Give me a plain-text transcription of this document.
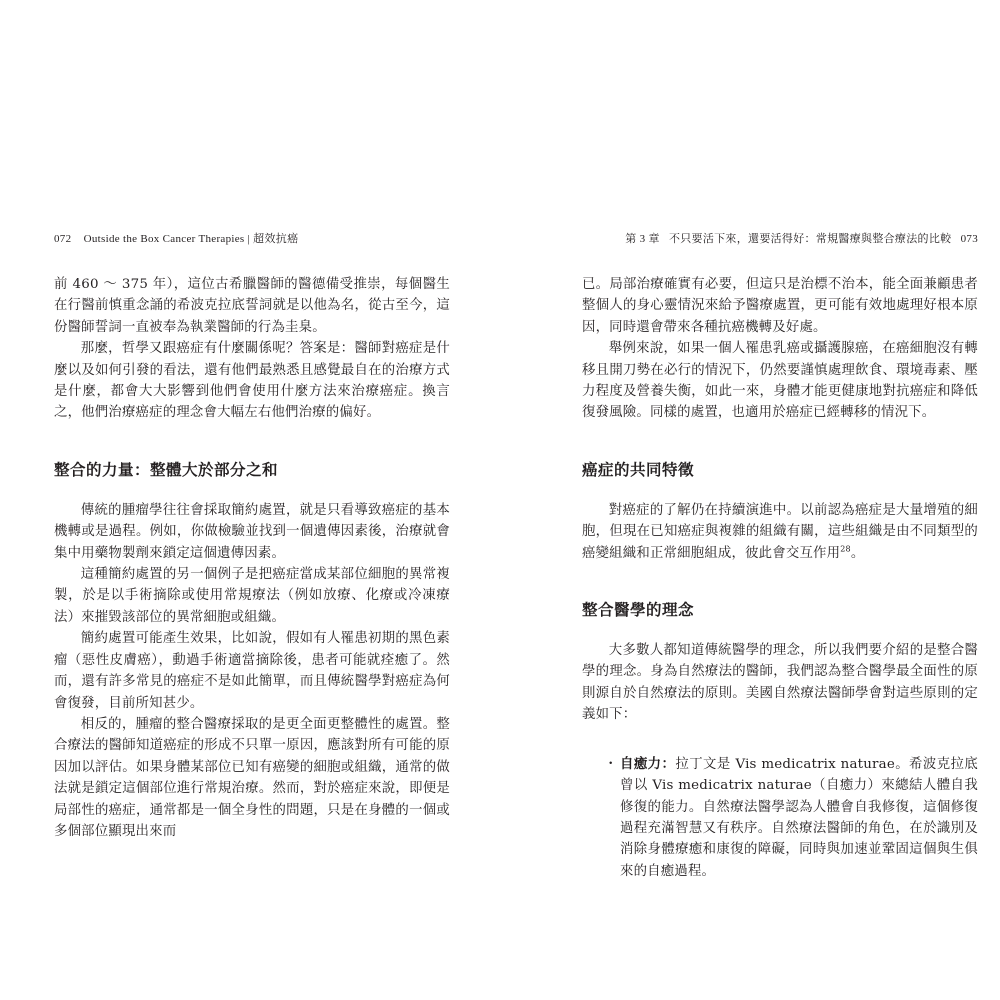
072 Outside the Box Cancer Therapies | 超效抗癌

前 460 ～ 375 年），這位古希臘醫師的醫德備受推崇，每個醫生在行醫前慎重念誦的希波克拉底誓詞就是以他為名，從古至今，這份醫師誓詞一直被奉為執業醫師的行為圭臬。

那麼，哲學又跟癌症有什麼關係呢？答案是：醫師對癌症是什麼以及如何引發的看法，還有他們最熟悉且感覺最自在的治療方式是什麼，都會大大影響到他們會使用什麼方法來治療癌症。換言之，他們治療癌症的理念會大幅左右他們治療的偏好。

整合的力量：整體大於部分之和

傳統的腫瘤學往往會採取簡約處置，就是只看導致癌症的基本機轉或是過程。例如，你做檢驗並找到一個遺傳因素後，治療就會集中用藥物製劑來鎖定這個遺傳因素。

這種簡約處置的另一個例子是把癌症當成某部位細胞的異常複製，於是以手術摘除或使用常規療法（例如放療、化療或冷凍療法）來摧毀該部位的異常細胞或組織。

簡約處置可能產生效果，比如說，假如有人罹患初期的黑色素瘤（惡性皮膚癌），動過手術適當摘除後，患者可能就痊癒了。然而，還有許多常見的癌症不是如此簡單，而且傳統醫學對癌症為何會復發，目前所知甚少。

相反的，腫瘤的整合醫療採取的是更全面更整體性的處置。整合療法的醫師知道癌症的形成不只單一原因，應該對所有可能的原因加以評估。如果身體某部位已知有癌變的細胞或組織，通常的做法就是鎖定這個部位進行常規治療。然而，對於癌症來說，即便是局部性的癌症，通常都是一個全身性的問題，只是在身體的一個或多個部位顯現出來而

第 3 章 不只要活下來，還要活得好：常規醫療與整合療法的比較 073

已。局部治療確實有必要，但這只是治標不治本，能全面兼顧患者整個人的身心靈情況來給予醫療處置，更可能有效地處理好根本原因，同時還會帶來各種抗癌機轉及好處。

舉例來說，如果一個人罹患乳癌或攝護腺癌，在癌細胞沒有轉移且開刀勢在必行的情況下，仍然要謹慎處理飲食、環境毒素、壓力程度及營養失衡，如此一來，身體才能更健康地對抗癌症和降低復發風險。同樣的處置，也適用於癌症已經轉移的情況下。

癌症的共同特徵

對癌症的了解仍在持續演進中。以前認為癌症是大量增殖的細胞，但現在已知癌症與複雜的組織有關，這些組織是由不同類型的癌變組織和正常細胞組成，彼此會交互作用$^{28}$。

整合醫學的理念

大多數人都知道傳統醫學的理念，所以我們要介紹的是整合醫學的理念。身為自然療法的醫師，我們認為整合醫學最全面性的原則源自於自然療法的原則。美國自然療法醫師學會對這些原則的定義如下：

・ 自癒力：拉丁文是 Vis medicatrix naturae。希波克拉底曾以 Vis medicatrix naturae（自癒力）來總結人體自我修復的能力。自然療法醫學認為人體會自我修復，這個修復過程充滿智慧又有秩序。自然療法醫師的角色，在於識別及消除身體療癒和康復的障礙，同時與加速並鞏固這個與生俱來的自癒過程。
